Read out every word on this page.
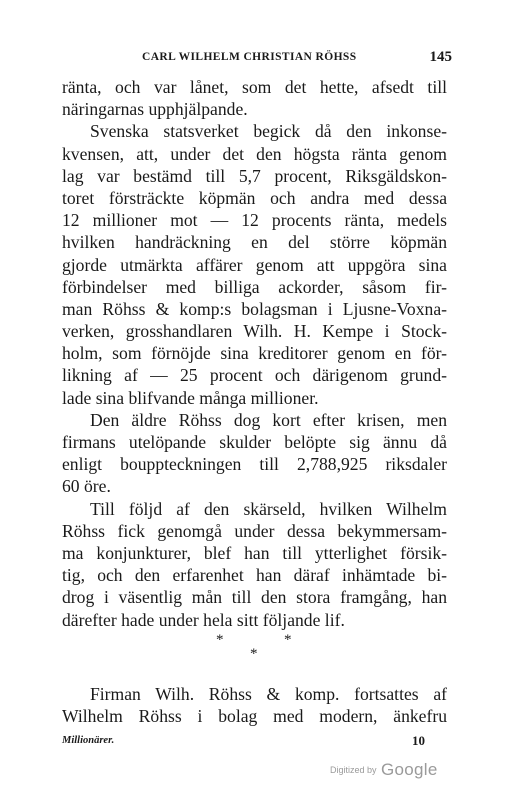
CARL WILHELM CHRISTIAN RÖHSS	145
ränta, och var lånet, som det hette, afsedt till
näringarnas upphjälpande.
Svenska statsverket begick då den inkonse-
kvensen, att, under det den högsta ränta genom
lag var bestämd till 5,7 procent, Riksgäldskon-
toret försträckte köpmän och andra med dessa
12 millioner mot — 12 procents ränta, medels
hvilken handräckning en del större köpmän
gjorde utmärkta affärer genom att uppgöra sina
förbindelser med billiga ackorder, såsom fir-
man Röhss & komp:s bolagsman i Ljusne-Voxna-
verken, grosshandlaren Wilh. H. Kempe i Stock-
holm, som förnöjde sina kreditorer genom en för-
likning af — 25 procent och därigenom grund-
lade sina blifvande många millioner.
Den äldre Röhss dog kort efter krisen, men
firmans utelöpande skulder belöpte sig ännu då
enligt bouppteckningen till 2,788,925 riksdaler
60 öre.
Till följd af den skärseld, hvilken Wilhelm
Röhss fick genomgå under dessa bekymmersam-
ma konjunkturer, blef han till ytterlighet försik-
tig, och den erfarenhet han däraf inhämtade bi-
drog i väsentlig mån till den stora framgång, han
därefter hade under hela sitt följande lif.
*	*
*
Firman Wilh. Röhss & komp. fortsattes af
Wilhelm Röhss i bolag med modern, änkefru
Millionärer.	10
Digitized by Google
